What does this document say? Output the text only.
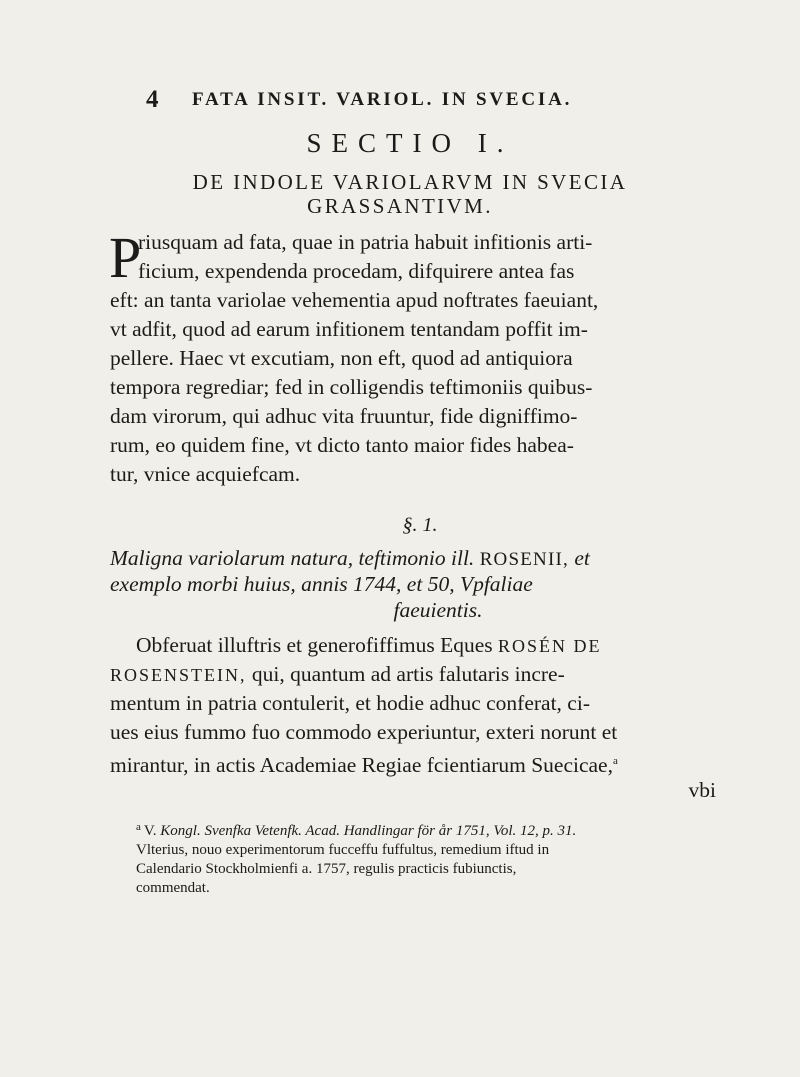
4 FATA INSIT. VARIOL. IN SVECIA.
SECTIO I.
DE INDOLE VARIOLARVM IN SVECIA
GRASSANTIVM.
P
riusquam ad fata, quae in patria habuit infitionis arti-
ficium, expendenda procedam, difquirere antea fas
eft: an tanta variolae vehementia apud noftrates faeuiant,
vt adfit, quod ad earum infitionem tentandam poffit im-
pellere. Haec vt excutiam, non eft, quod ad antiquiora
tempora regrediar; fed in colligendis teftimoniis quibus-
dam virorum, qui adhuc vita fruuntur, fide digniffimo-
rum, eo quidem fine, vt dicto tanto maior fides habea-
tur, vnice acquiefcam.
§. 1.
Maligna variolarum natura, teftimonio ill. ROSENII, et
exemplo morbi huius, annis 1744, et 50, Vpfaliae
faeuientis.
Obferuat illuftris et generofiffimus Eques ROSÉN DE
ROSENSTEIN, qui, quantum ad artis falutaris incre-
mentum in patria contulerit, et hodie adhuc conferat, ci-
ues eius fummo fuo commodo experiuntur, exteri norunt et
mirantur, in actis Academiae Regiae fcientiarum Suecicae,$^a$
vbi
$^a$ V. Kongl. Svenfka Vetenfk. Acad. Handlingar för år 1751, Vol. 12, p. 31.
Vlterius, nouo experimentorum fucceffu fuffultus, remedium iftud in
Calendario Stockholmienfi a. 1757, regulis practicis fubiunctis,
commendat.
